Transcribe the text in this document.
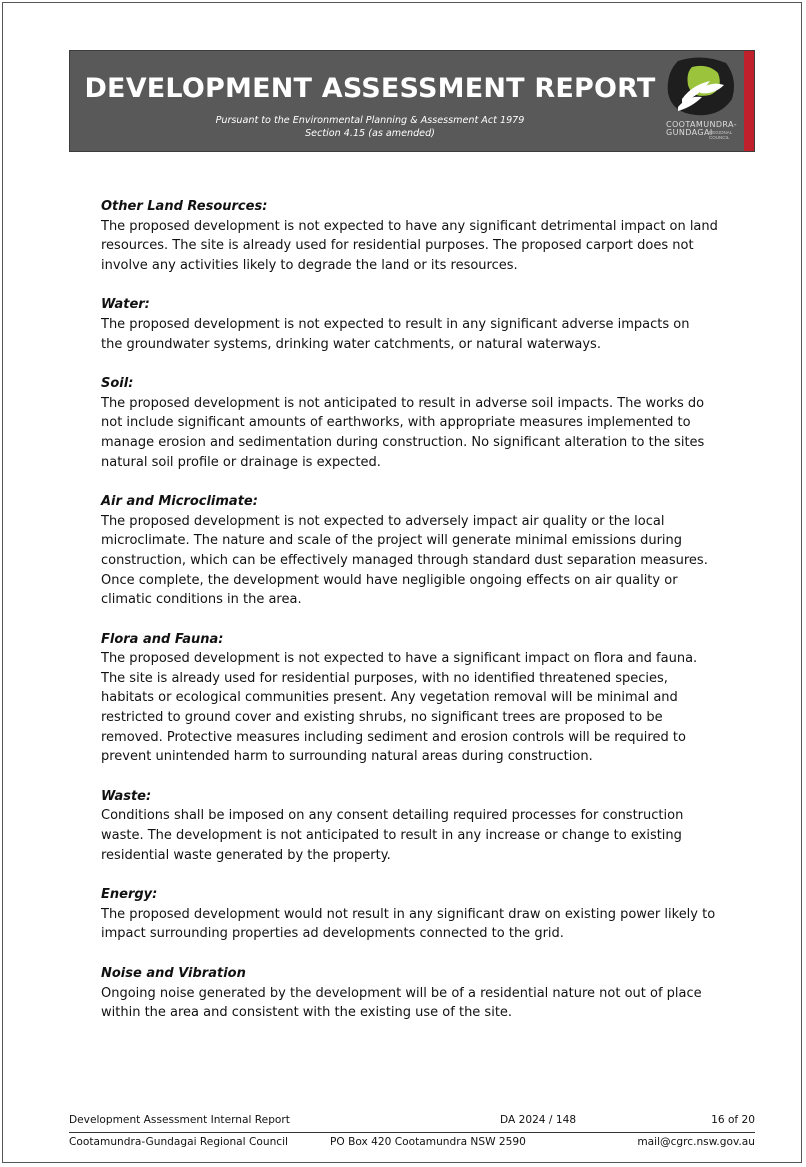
DEVELOPMENT ASSESSMENT REPORT
Pursuant to the Environmental Planning & Assessment Act 1979
Section 4.15 (as amended)
COOTAMUNDRA-
GUNDAGAI
REGIONAL COUNCIL
Other Land Resources:

The proposed development is not expected to have any significant detrimental impact on land
resources. The site is already used for residential purposes. The proposed carport does not
involve any activities likely to degrade the land or its resources.

Water:

The proposed development is not expected to result in any significant adverse impacts on
the groundwater systems, drinking water catchments, or natural waterways.

Soil:

The proposed development is not anticipated to result in adverse soil impacts. The works do
not include significant amounts of earthworks, with appropriate measures implemented to
manage erosion and sedimentation during construction. No significant alteration to the sites
natural soil profile or drainage is expected.

Air and Microclimate:

The proposed development is not expected to adversely impact air quality or the local
microclimate. The nature and scale of the project will generate minimal emissions during
construction, which can be effectively managed through standard dust separation measures.
Once complete, the development would have negligible ongoing effects on air quality or
climatic conditions in the area.

Flora and Fauna:

The proposed development is not expected to have a significant impact on flora and fauna.
The site is already used for residential purposes, with no identified threatened species,
habitats or ecological communities present. Any vegetation removal will be minimal and
restricted to ground cover and existing shrubs, no significant trees are proposed to be
removed. Protective measures including sediment and erosion controls will be required to
prevent unintended harm to surrounding natural areas during construction.

Waste:

Conditions shall be imposed on any consent detailing required processes for construction
waste. The development is not anticipated to result in any increase or change to existing
residential waste generated by the property.

Energy:

The proposed development would not result in any significant draw on existing power likely to
impact surrounding properties ad developments connected to the grid.

Noise and Vibration

Ongoing noise generated by the development will be of a residential nature not out of place
within the area and consistent with the existing use of the site.

Development Assessment Internal Report	DA 2024 / 148	16 of 20
Cootamundra-Gundagai Regional Council	PO Box 420 Cootamundra NSW 2590	mail@cgrc.nsw.gov.au
